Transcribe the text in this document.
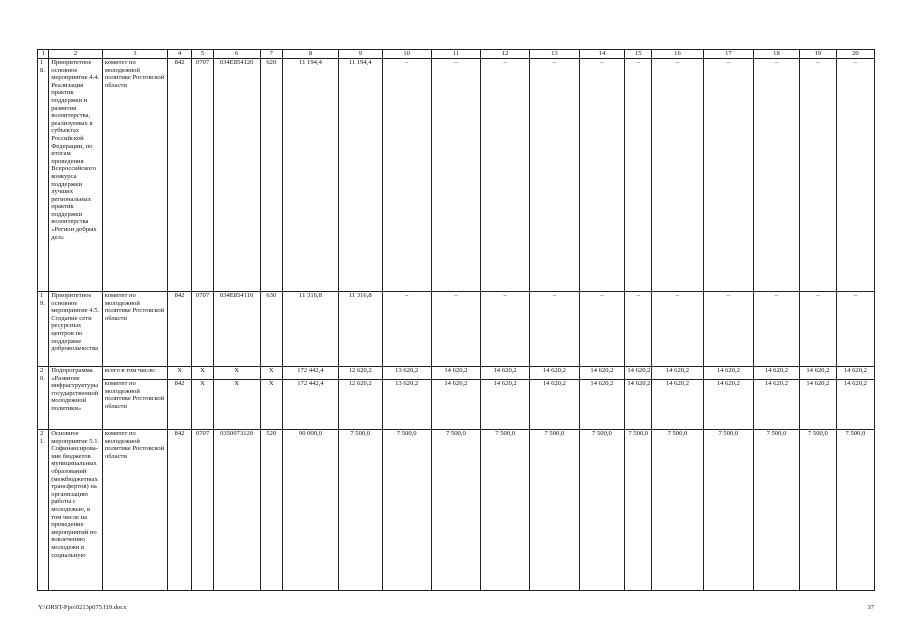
1	2	3	4	5	6	7	8	9	10	11	12	13	14	15	16	17	18	19	20
18.	Приоритетное основное мероприятие 4.4. Реализация практик поддержки и развития волонтерства, реализуемых в субъектах Российской Федерации, по итогам проведения Всероссийского конкурса поддержки лучших региональных практик поддержки волонтерства «Регион добрых дел»	комитет по молодежной политике Ростовской области	842	0707	034E854120	620	11 194,4	11 194,4	–	–	–	–	–	–	–	–	–	–	–
19.	Приоритетное основное мероприятие 4.5. Создание сети ресурсных центров по поддержке добровольчества	комитет по молодежной политике Ростовской области	842	0707	034E854110	630	11 316,8	11 316,8	–	–	–	–	–	–	–	–	–	–	–
20.	Подпрограмма «Развитие инфраструктуры государственной молодежной политики»	всего в том числе:	X	X	X	X	172 442,4	12 620,2	13 620,2	14 620,2	14 620,2	14 620,2	14 620,2	14 620,2	14 620,2	14 620,2	14 620,2	14 620,2	14 620,2
		комитет по молодежной политике Ростовской области	842	X	X	X	172 442,4	12 620,2	13 620,2	14 620,2	14 620,2	14 620,2	14 620,2	14 620,2	14 620,2	14 620,2	14 620,2	14 620,2	14 620,2
21.	Основное мероприятие 5.1. Софинансирова-ние бюджетов муниципальных образований (межбюджетных трансфертов) на организацию работы с молодежью, в том числе на проведение мероприятий по вовлечению молодежи в социальную	комитет по молодежной политике Ростовской области	842	0707	0350073120	520	90 000,0	7 500,0	7 500,0	7 500,0	7 500,0	7 500,0	7 500,0	7 500,0	7 500,0	7 500,0	7 500,0	7 500,0	7 500,0
Y:\ORST-Ppo\0213p075.f19.docx	37
